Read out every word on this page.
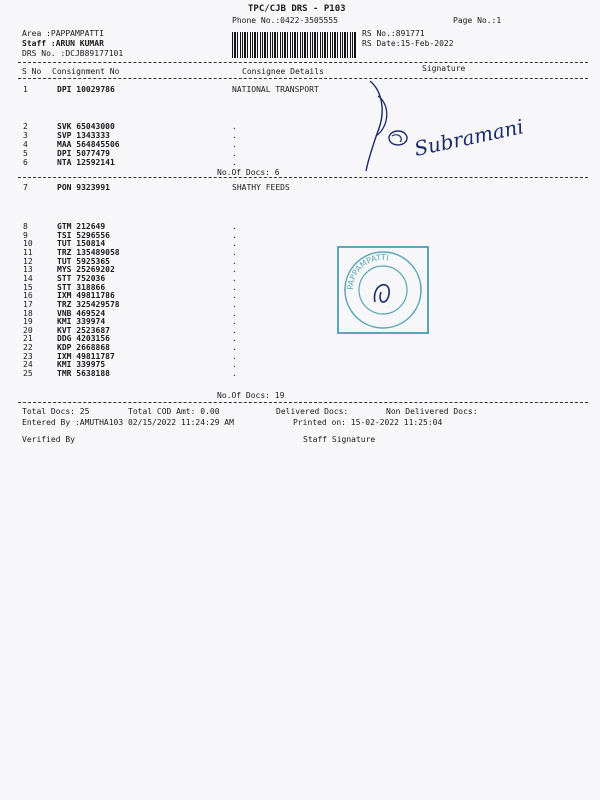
TPC/CJB DRS - P103
Phone No.:0422-3505555	Page No.:1
Area :PAPPAMPATTI
Staff :ARUN KUMAR
DRS No. :DCJB89177101
RS No.:891771
RS Date:15-Feb-2022
S No Consignment No	Consignee Details	Signature
1	DPI 10029786	NATIONAL TRANSPORT
2	SVK 65043000	.
3	SVP 1343333	.
4	MAA 564845506	.
5	DPI 5077479	.
6	NTA 12592141	.
No.Of Docs: 6
7	PON 9323991	SHATHY FEEDS
8	GTM 212649	.
9	TSI 5296556	.
10	TUT 150814	.
11	TRZ 135489058	.
12	TUT 5925365	.
13	MYS 25269202	.
14	STT 752036	.
15	STT 318866	.
16	IXM 49811786	.
17	TRZ 325429578	.
18	VNB 469524	.
19	KMI 339974	.
20	KVT 2523687	.
21	DDG 4203156	.
22	KDP 2668868	.
23	IXM 49811787	.
24	KMI 339975	.
25	TMR 5638188	.
No.Of Docs: 19
Total Docs: 25	Total COD Amt: 0.00	Delivered Docs:	Non Delivered Docs:
Entered By :AMUTHA103 02/15/2022 11:24:29 AM	Printed on: 15-02-2022 11:25:04
Verified By	Staff Signature
Subramani
PAPPAMPATTI
